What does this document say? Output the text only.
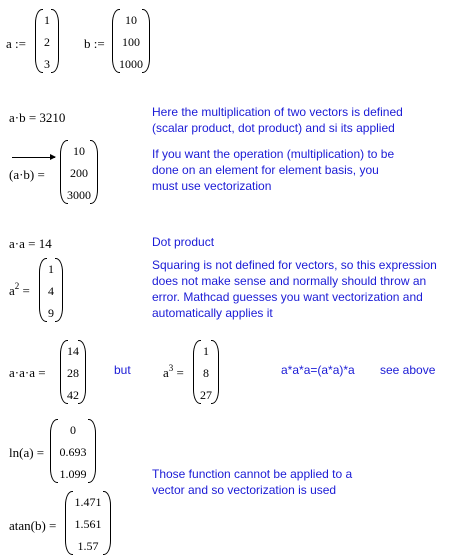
a :=
1
2
3
b :=
10
100
1000
a·b = 3210	Here the multiplication of two vectors is defined
(scalar product, dot product) and si its applied
(a·b) =
10
200
3000
If you want the operation (multiplication) to be
done on an element for element basis, you
must use vectorization
a·a = 14	Dot product
$a^2$ =
1
4
9
Squaring is not defined for vectors, so this expression
does not make sense and normally should throw an
error. Mathcad guesses you want vectorization and
automatically applies it
a·a·a =
14
28
42
but $a^3$ =
1
8
27
a*a*a=(a*a)*a see above
ln(a) =
0
0.693
1.099	Those function cannot be applied to a
vector and so vectorization is used
atan(b) =
1.471
1.561
1.57
